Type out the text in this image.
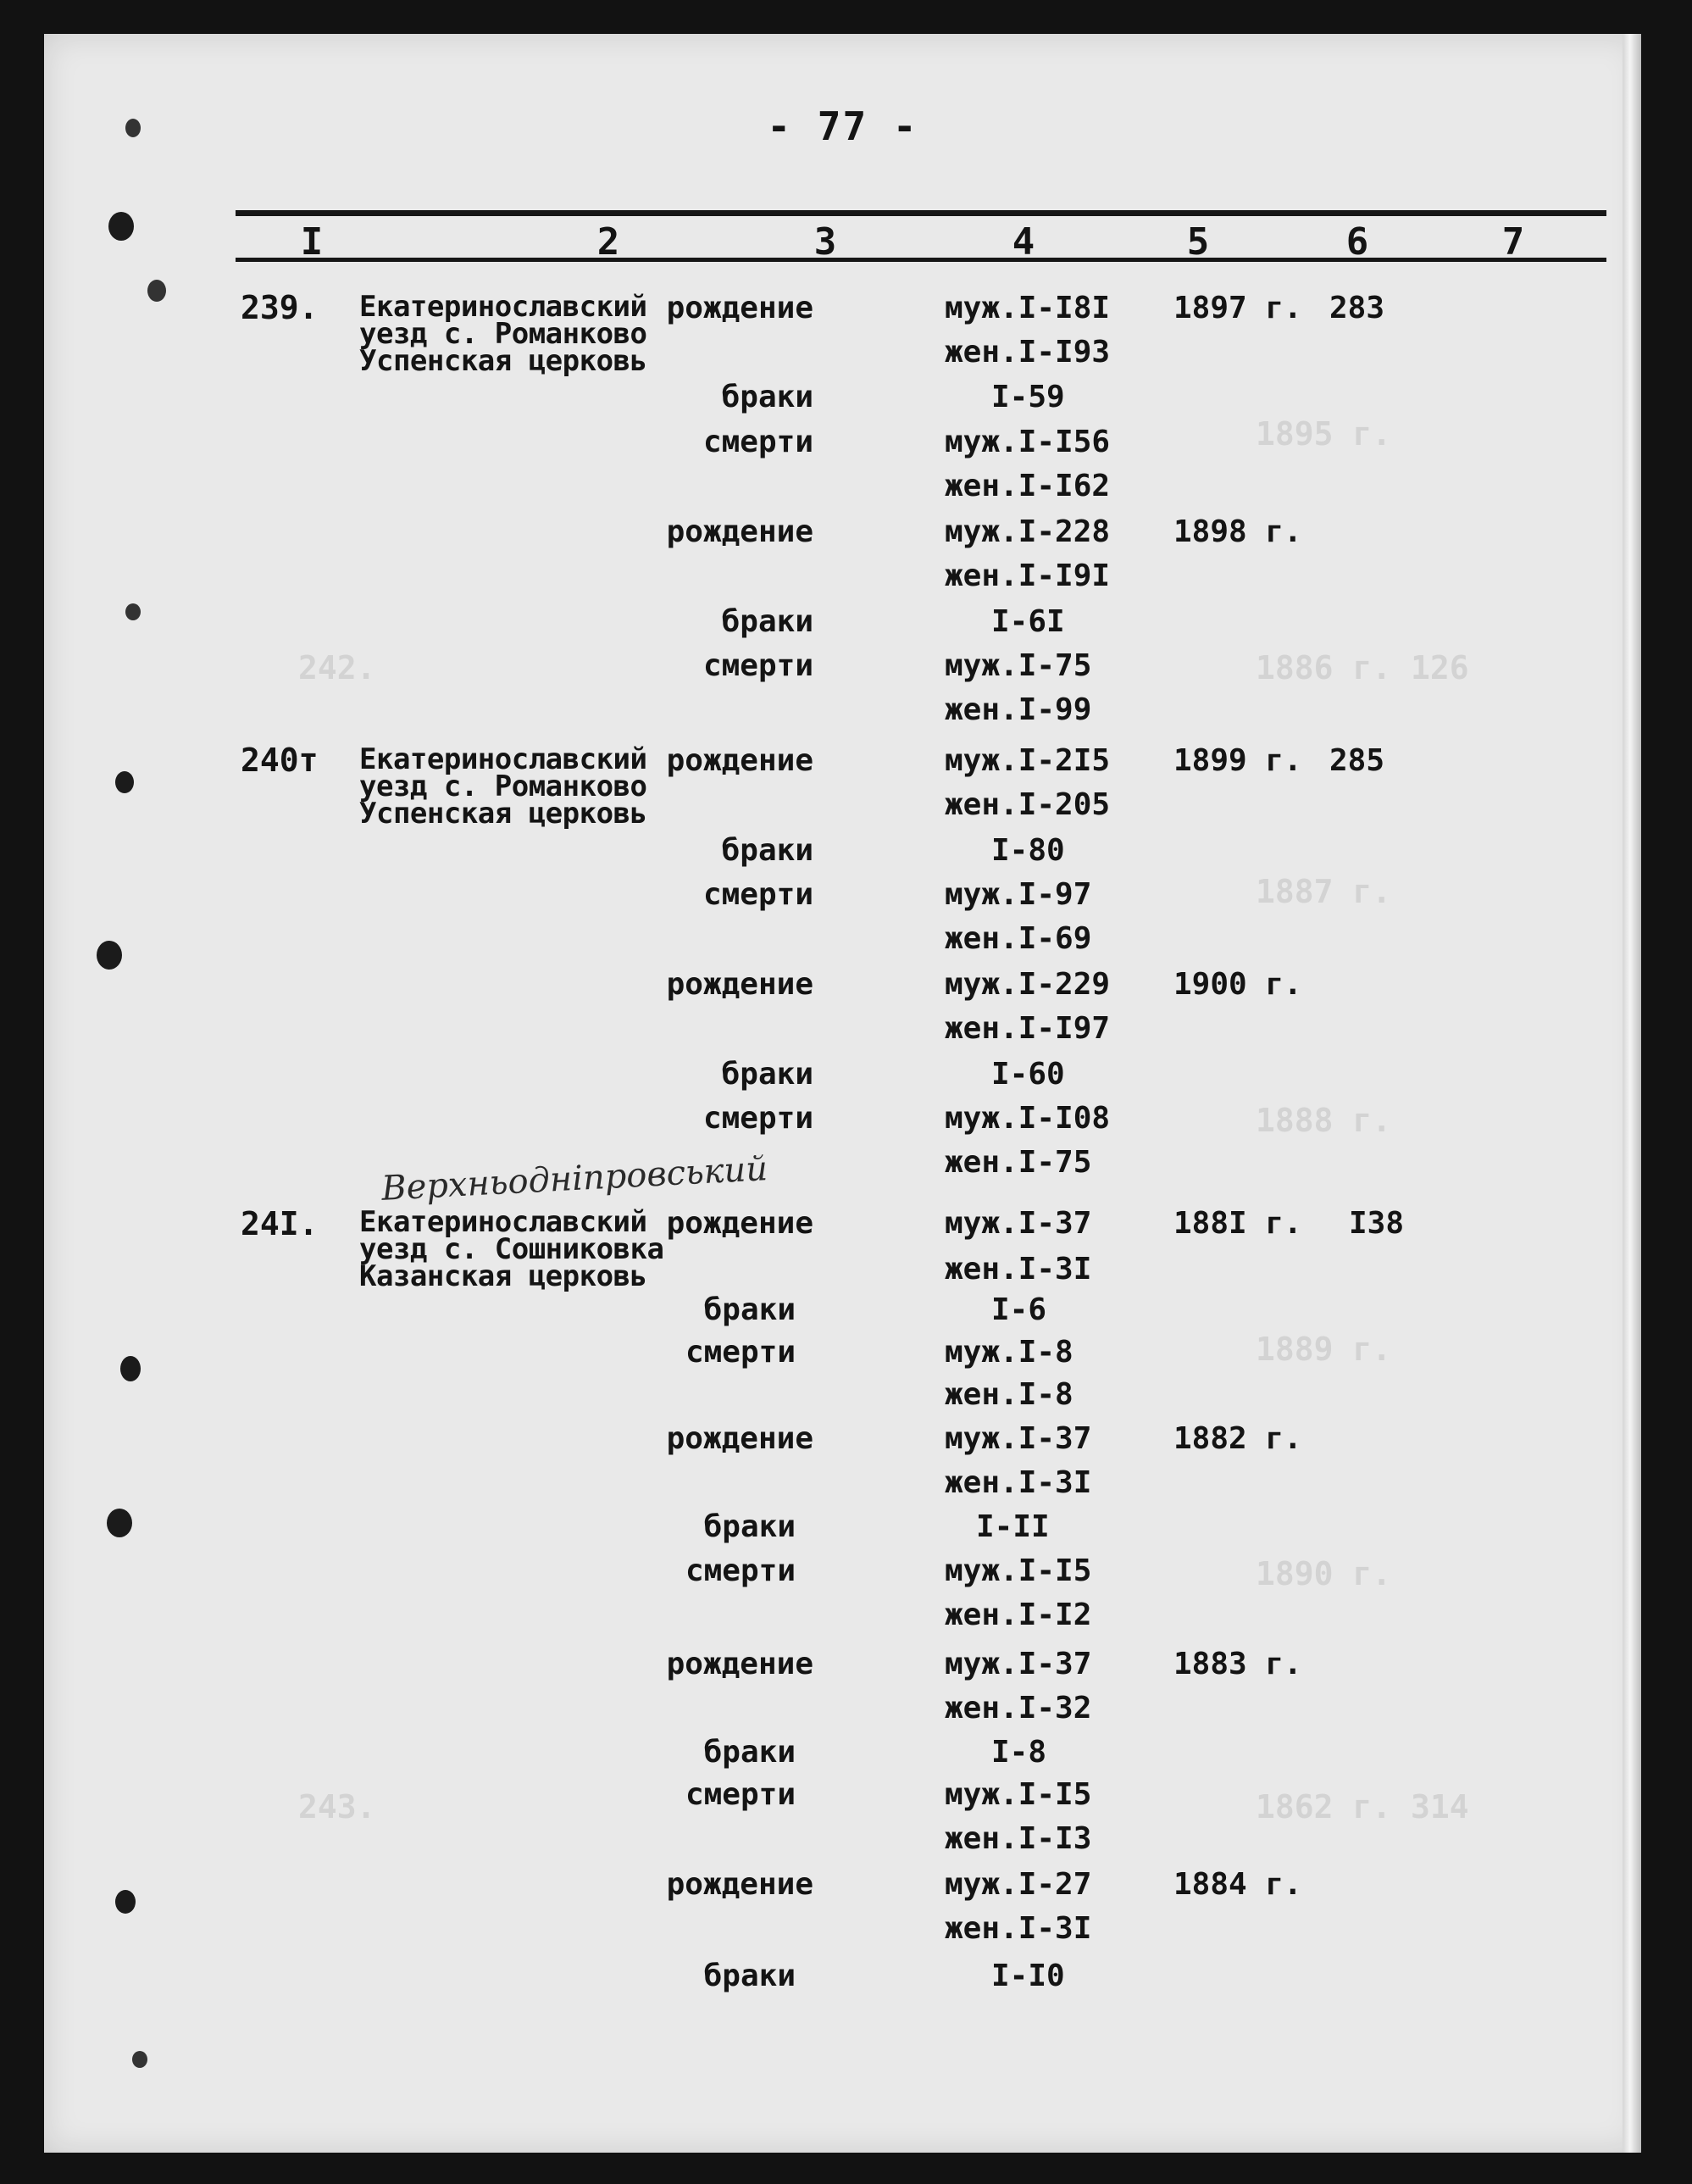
1895 г.
242.	1886 г. 126
1887 г.
1888 г.
1889 г.
1890 г.
243.	1862 г. 314
- 77 -
I	2	3	4	5	6	7
239. Екатеринославский
уезд с. Романково
Успенская церковь
рождение	муж.I-I8I 1897 г. 283
жен.I-I93
браки	I-59
смерти	муж.I-I56
жен.I-I62
рождение	муж.I-228 1898 г.
жен.I-I9I
браки	I-6I
смерти	муж.I-75
жен.I-99
240т Екатеринославский
уезд с. Романково
Успенская церковь
рождение	муж.I-2I5 1899 г. 285
жен.I-205
браки	I-80
смерти	муж.I-97
жен.I-69
рождение	муж.I-229 1900 г.
жен.I-I97
браки	I-60
смерти	муж.I-I08
жен.I-75
Верхньодніпровський
24I. Екатеринославский
уезд с. Сошниковка
Казанская церковь
рождение	муж.I-37	188I г. I38
жен.I-3I
браки	I-6
смерти	муж.I-8
жен.I-8
рождение	муж.I-37	1882 г.
жен.I-3I
браки	I-II
смерти	муж.I-I5
жен.I-I2
рождение	муж.I-37	1883 г.
жен.I-32
браки	I-8
смерти	муж.I-I5
жен.I-I3
рождение	муж.I-27	1884 г.
жен.I-3I
браки	I-I0
